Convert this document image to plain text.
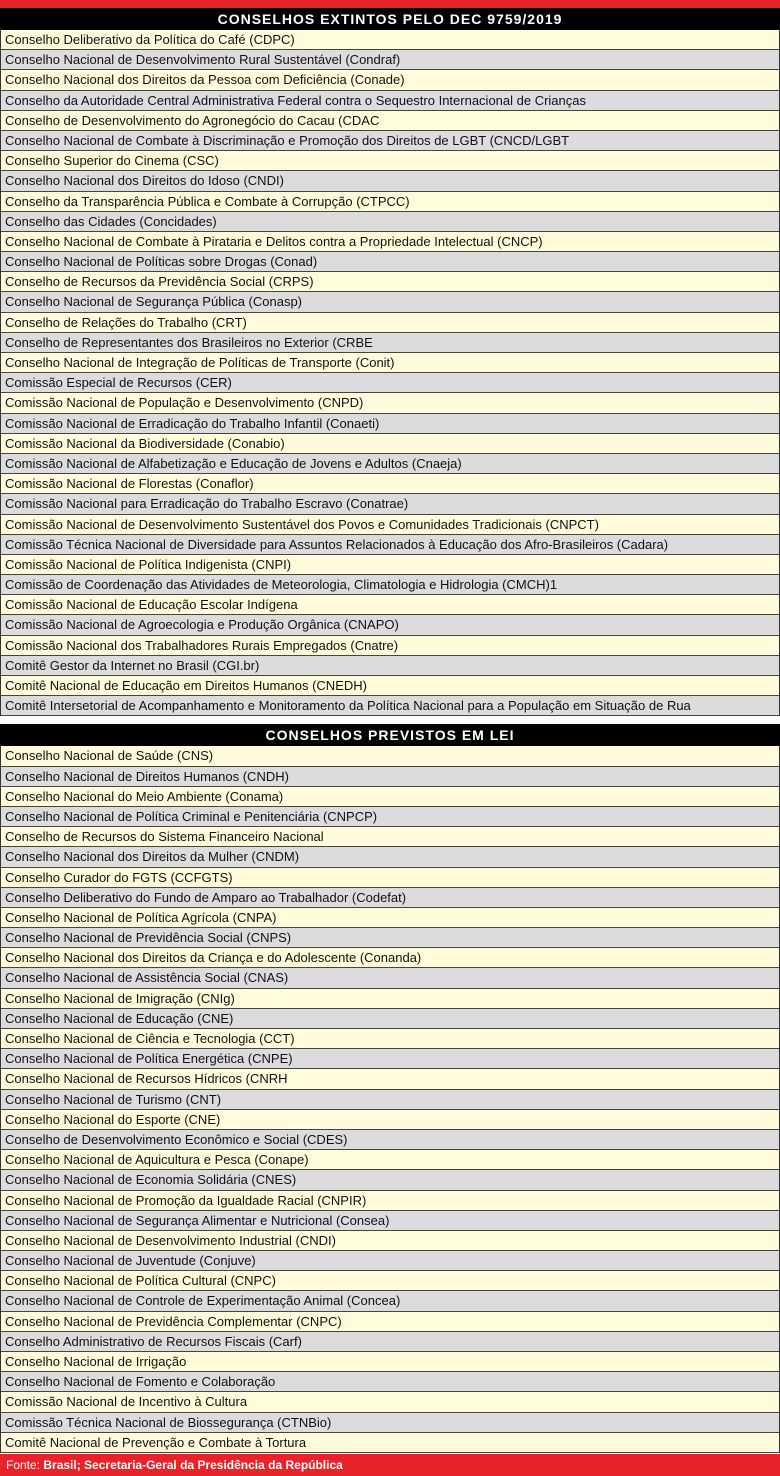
CONSELHOS EXTINTOS PELO DEC 9759/2019
Conselho Deliberativo da Política do Café (CDPC)
Conselho Nacional de Desenvolvimento Rural Sustentável (Condraf)
Conselho Nacional dos Direitos da Pessoa com Deficiência (Conade)
Conselho da Autoridade Central Administrativa Federal contra o Sequestro Internacional de Crianças
Conselho de Desenvolvimento do Agronegócio do Cacau (CDAC
Conselho Nacional de Combate à Discriminação e Promoção dos Direitos de LGBT (CNCD/LGBT
Conselho Superior do Cinema (CSC)
Conselho Nacional dos Direitos do Idoso (CNDI)
Conselho da Transparência Pública e Combate à Corrupção (CTPCC)
Conselho das Cidades (Concidades)
Conselho Nacional de Combate à Pirataria e Delitos contra a Propriedade Intelectual (CNCP)
Conselho Nacional de Políticas sobre Drogas (Conad)
Conselho de Recursos da Previdência Social (CRPS)
Conselho Nacional de Segurança Pública (Conasp)
Conselho de Relações do Trabalho (CRT)
Conselho de Representantes dos Brasileiros no Exterior (CRBE
Conselho Nacional de Integração de Políticas de Transporte (Conit)
Comissão Especial de Recursos (CER)
Comissão Nacional de População e Desenvolvimento (CNPD)
Comissão Nacional de Erradicação do Trabalho Infantil (Conaeti)
Comissão Nacional da Biodiversidade (Conabio)
Comissão Nacional de Alfabetização e Educação de Jovens e Adultos (Cnaeja)
Comissão Nacional de Florestas (Conaflor)
Comissão Nacional para Erradicação do Trabalho Escravo (Conatrae)
Comissão Nacional de Desenvolvimento Sustentável dos Povos e Comunidades Tradicionais (CNPCT)
Comissão Técnica Nacional de Diversidade para Assuntos Relacionados à Educação dos Afro-Brasileiros (Cadara)
Comissão Nacional de Política Indigenista (CNPI)
Comissão de Coordenação das Atividades de Meteorologia, Climatologia e Hidrologia (CMCH)1
Comissão Nacional de Educação Escolar Indígena
Comissão Nacional de Agroecologia e Produção Orgânica (CNAPO)
Comissão Nacional dos Trabalhadores Rurais Empregados (Cnatre)
Comitê Gestor da Internet no Brasil (CGI.br)
Comitê Nacional de Educação em Direitos Humanos (CNEDH)
Comitê Intersetorial de Acompanhamento e Monitoramento da Política Nacional para a População em Situação de Rua
CONSELHOS PREVISTOS EM LEI
Conselho Nacional de Saúde (CNS)
Conselho Nacional de Direitos Humanos (CNDH)
Conselho Nacional do Meio Ambiente (Conama)
Conselho Nacional de Política Criminal e Penitenciária (CNPCP)
Conselho de Recursos do Sistema Financeiro Nacional
Conselho Nacional dos Direitos da Mulher (CNDM)
Conselho Curador do FGTS (CCFGTS)
Conselho Deliberativo do Fundo de Amparo ao Trabalhador (Codefat)
Conselho Nacional de Política Agrícola (CNPA)
Conselho Nacional de Previdência Social (CNPS)
Conselho Nacional dos Direitos da Criança e do Adolescente (Conanda)
Conselho Nacional de Assistência Social (CNAS)
Conselho Nacional de Imigração (CNIg)
Conselho Nacional de Educação (CNE)
Conselho Nacional de Ciência e Tecnologia (CCT)
Conselho Nacional de Política Energética (CNPE)
Conselho Nacional de Recursos Hídricos (CNRH
Conselho Nacional de Turismo (CNT)
Conselho Nacional do Esporte (CNE)
Conselho de Desenvolvimento Econômico e Social (CDES)
Conselho Nacional de Aquicultura e Pesca (Conape)
Conselho Nacional de Economia Solidária (CNES)
Conselho Nacional de Promoção da Igualdade Racial (CNPIR)
Conselho Nacional de Segurança Alimentar e Nutricional (Consea)
Conselho Nacional de Desenvolvimento Industrial (CNDI)
Conselho Nacional de Juventude (Conjuve)
Conselho Nacional de Política Cultural (CNPC)
Conselho Nacional de Controle de Experimentação Animal (Concea)
Conselho Nacional de Previdência Complementar (CNPC)
Conselho Administrativo de Recursos Fiscais (Carf)
Conselho Nacional de Irrigação
Conselho Nacional de Fomento e Colaboração
Comissão Nacional de Incentivo à Cultura
Comissão Técnica Nacional de Biossegurança (CTNBio)
Comitê Nacional de Prevenção e Combate à Tortura
Fonte: Brasil; Secretaria-Geral da Presidência da República
